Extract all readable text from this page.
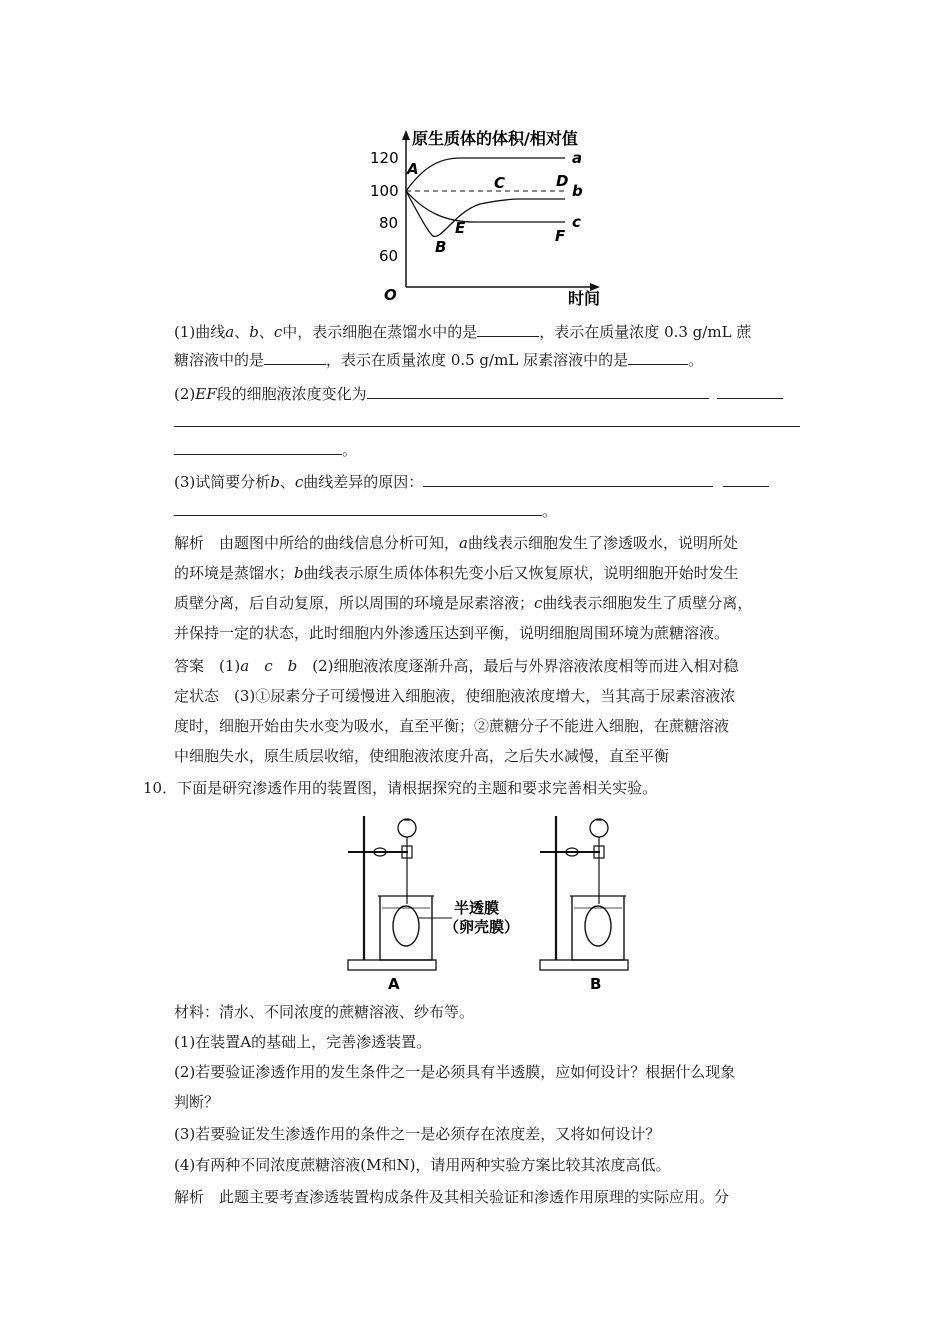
原生质体的体积/相对值
时间
O
120
100
80
60
a
b
c
A
B
C	D
E	F
(1)曲线a、b、c中，表示细胞在蒸馏水中的是	，表示在质量浓度 0.3 g/mL 蔗
糖溶液中的是	，表示在质量浓度 0.5 g/mL 尿素溶液中的是	。
(2)EF段的细胞液浓度变化为
。
(3)试简要分析b、c曲线差异的原因：
。
解析　由题图中所给的曲线信息分析可知，a曲线表示细胞发生了渗透吸水，说明所处
的环境是蒸馏水；b曲线表示原生质体体积先变小后又恢复原状，说明细胞开始时发生
质壁分离，后自动复原，所以周围的环境是尿素溶液；c曲线表示细胞发生了质壁分离，
并保持一定的状态，此时细胞内外渗透压达到平衡，说明细胞周围环境为蔗糖溶液。
答案　(1)a　 c　 b　 (2)细胞液浓度逐渐升高，最后与外界溶液浓度相等而进入相对稳
定状态　(3)①尿素分子可缓慢进入细胞液，使细胞液浓度增大，当其高于尿素溶液浓
度时，细胞开始由失水变为吸水，直至平衡；②蔗糖分子不能进入细胞，在蔗糖溶液
中细胞失水，原生质层收缩，使细胞液浓度升高，之后失水减慢，直至平衡
10．下面是研究渗透作用的装置图，请根据探究的主题和要求完善相关实验。
半透膜
（卵壳膜）
A	B
材料：清水、不同浓度的蔗糖溶液、纱布等。
(1)在装置A的基础上，完善渗透装置。
(2)若要验证渗透作用的发生条件之一是必须具有半透膜，应如何设计？根据什么现象
判断？
(3)若要验证发生渗透作用的条件之一是必须存在浓度差，又将如何设计？
(4)有两种不同浓度蔗糖溶液(M和N)，请用两种实验方案比较其浓度高低。
解析　此题主要考查渗透装置构成条件及其相关验证和渗透作用原理的实际应用。分
